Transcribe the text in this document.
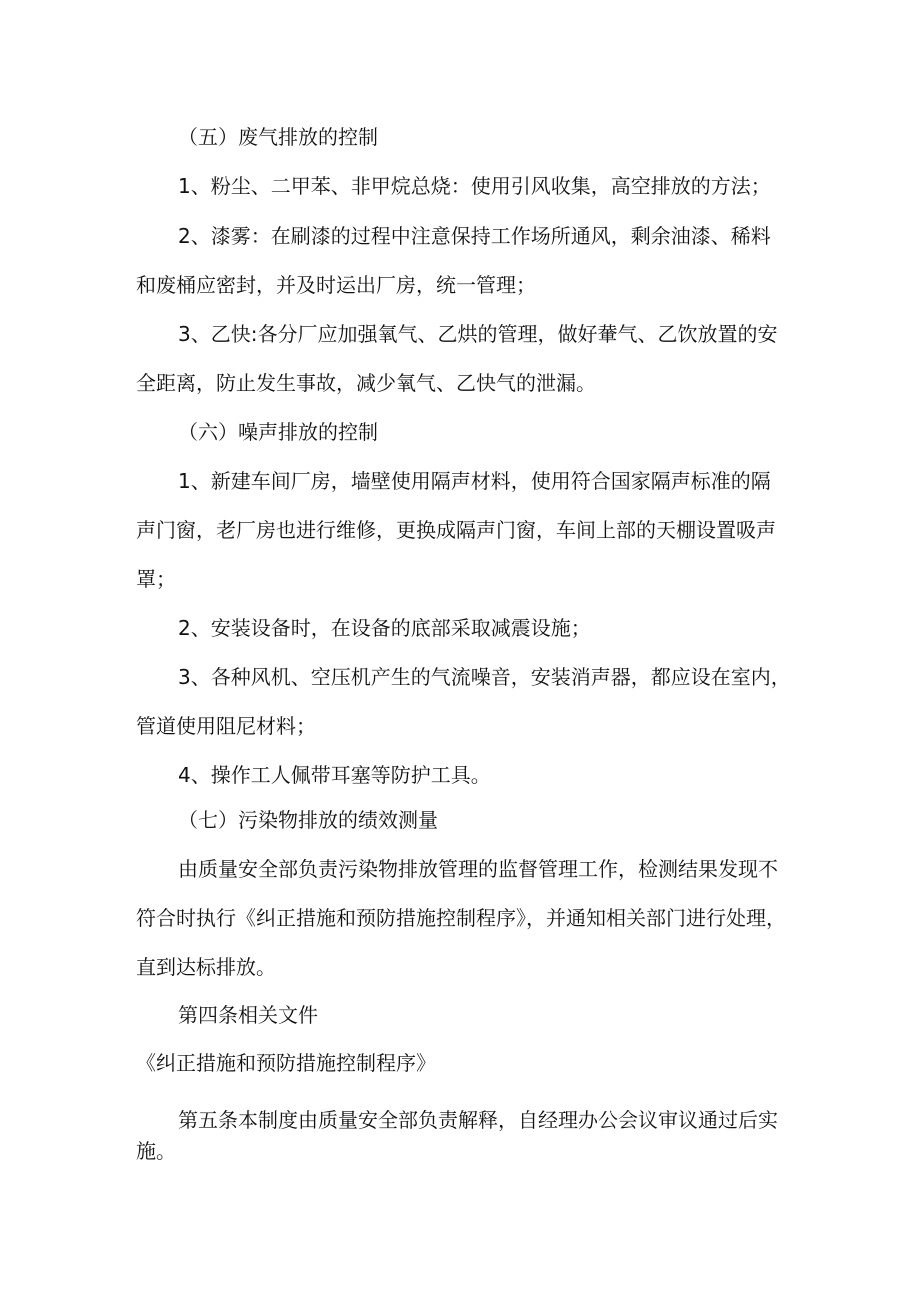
（五）废气排放的控制
1、粉尘、二甲苯、非甲烷总烧：使用引风收集，高空排放的方法；
2、漆雾：在刷漆的过程中注意保持工作场所通风，剩余油漆、稀料
和废桶应密封，并及时运出厂房，统一管理；
3、乙快:各分厂应加强氧气、乙烘的管理，做好輂气、乙饮放置的安
全距离，防止发生事故，减少氧气、乙快气的泄漏。
（六）噪声排放的控制
1、新建车间厂房，墙壁使用隔声材料，使用符合国家隔声标准的隔
声门窗，老厂房也进行维修，更换成隔声门窗，车间上部的天棚设置吸声
罩；
2、安装设备时，在设备的底部采取减震设施；
3、各种风机、空压机产生的气流噪音，安装消声器，都应设在室内，
管道使用阻尼材料；
4、操作工人佩带耳塞等防护工具。
（七）污染物排放的绩效测量
由质量安全部负责污染物排放管理的监督管理工作，检测结果发现不
符合时执行《纠正措施和预防措施控制程序》，并通知相关部门进行处理，
直到达标排放。
第四条相关文件
《纠正措施和预防措施控制程序》
第五条本制度由质量安全部负责解释，自经理办公会议审议通过后实
施。
